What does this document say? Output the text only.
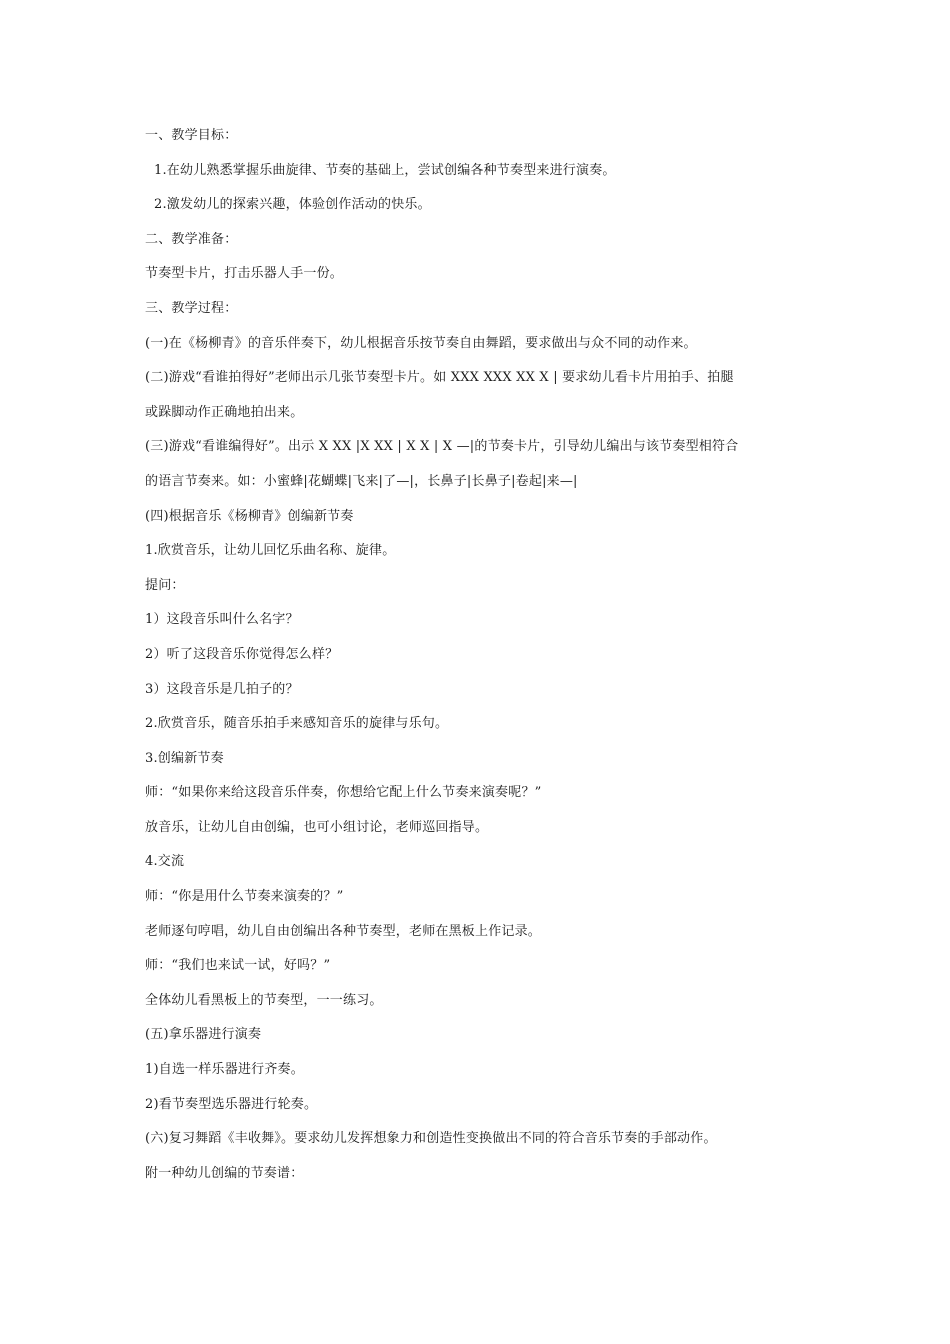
一、教学目标：
1.在幼儿熟悉掌握乐曲旋律、节奏的基础上，尝试创编各种节奏型来进行演奏。
2.激发幼儿的探索兴趣，体验创作活动的快乐。
二、教学准备：
节奏型卡片，打击乐器人手一份。
三、教学过程：
(一)在《杨柳青》的音乐伴奏下，幼儿根据音乐按节奏自由舞蹈，要求做出与众不同的动作来。
(二)游戏“看谁拍得好”老师出示几张节奏型卡片。如 XXX XXX XX X | 要求幼儿看卡片用拍手、拍腿
或跺脚动作正确地拍出来。
(三)游戏“看谁编得好”。出示 X XX |X XX | X X | X —|的节奏卡片，引导幼儿编出与该节奏型相符合
的语言节奏来。如：小蜜蜂|花蝴蝶|飞来|了—|，长鼻子|长鼻子|卷起|来—|
(四)根据音乐《杨柳青》创编新节奏
1.欣赏音乐，让幼儿回忆乐曲名称、旋律。
提问：
1）这段音乐叫什么名字？
2）听了这段音乐你觉得怎么样？
3）这段音乐是几拍子的？
2.欣赏音乐，随音乐拍手来感知音乐的旋律与乐句。
3.创编新节奏
师：“如果你来给这段音乐伴奏，你想给它配上什么节奏来演奏呢？”
放音乐，让幼儿自由创编，也可小组讨论，老师巡回指导。
4.交流
师：“你是用什么节奏来演奏的？”
老师逐句哼唱，幼儿自由创编出各种节奏型，老师在黑板上作记录。
师：“我们也来试一试，好吗？”
全体幼儿看黑板上的节奏型，一一练习。
(五)拿乐器进行演奏
1)自选一样乐器进行齐奏。
2)看节奏型选乐器进行轮奏。
(六)复习舞蹈《丰收舞》。要求幼儿发挥想象力和创造性变换做出不同的符合音乐节奏的手部动作。
附一种幼儿创编的节奏谱：
